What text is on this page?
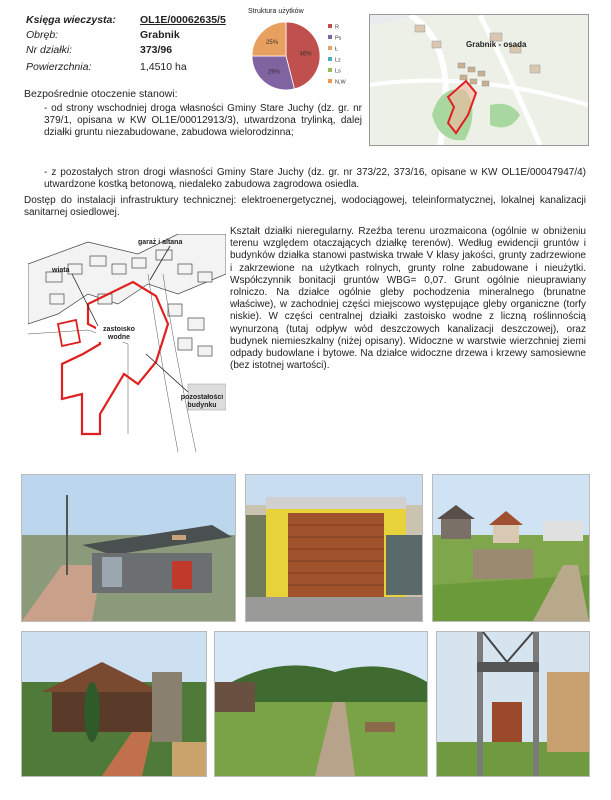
Księga wieczysta: OL1E/00062635/5
Obręb:	Grabnik
Nr działki:	373/96
Powierzchnia:	1,4510 ha
Struktura użytków
46%
29%
25%
R
Ps
Ł
Lz
Ls
N,W
Grabnik - osada
Bezpośrednie otoczenie stanowi:
- od strony wschodniej droga własności Gminy Stare Juchy (dz. gr. nr 379/1, opisana w KW OL1E/00012913/3), utwardzona trylinką, dalej działki gruntu niezabudowane, zabudowa wielorodzinna;
- z pozostałych stron drogi własności Gminy Stare Juchy (dz. gr. nr 373/22, 373/16, opisane w KW OL1E/00047947/4) utwardzone kostką betonową, niedaleko zabudowa zagrodowa osiedla.
Dostęp do instalacji infrastruktury technicznej: elektroenergetycznej, wodociągowej, teleinformatycznej, lokalnej kanalizacji sanitarnej osiedlowej.
garaż i altana
wiata
zastoisko wodne
pozostałości budynku
Kształt działki nieregularny. Rzeźba terenu urozmaicona (ogólnie w obniżeniu terenu względem otaczających działkę terenów). Według ewidencji gruntów i budynków działka stanowi pastwiska trwałe V klasy jakości, grunty zadrzewione i zakrzewione na użytkach rolnych, grunty rolne zabudowane i nieużytki. Współczynnik bonitacji gruntów WBG= 0,07. Grunt ogólnie nieuprawiany rolniczo. Na działce ogólnie gleby pochodzenia mineralnego (brunatne właściwe), w zachodniej części miejscowo występujące gleby organiczne (torfy niskie). W części centralnej działki zastoisko wodne z liczną roślinnością wynurzoną (tutaj odpływ wód deszczowych kanalizacji deszczowej), oraz budynek niemieszkalny (niżej opisany). Widoczne w warstwie wierzchniej ziemi odpady budowlane i bytowe. Na działce widoczne drzewa i krzewy samosiewne (bez istotnej wartości).
